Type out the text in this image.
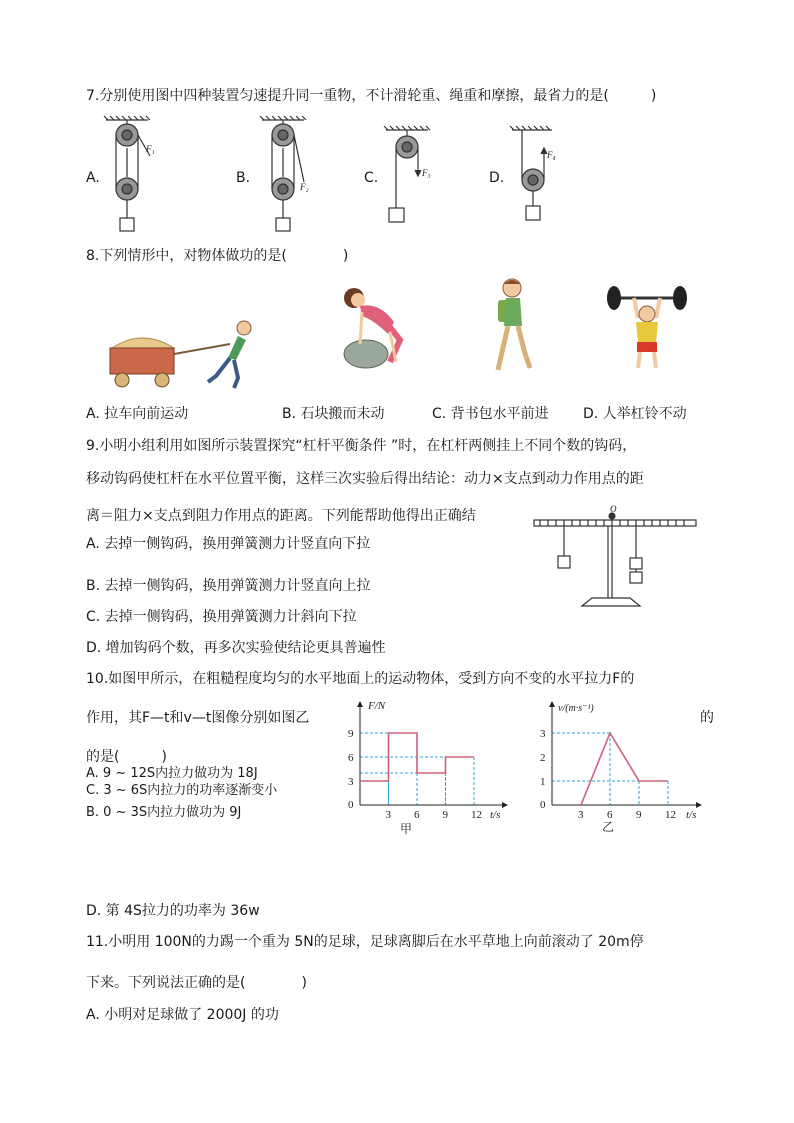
7.分别使用图中四种装置匀速提升同一重物，不计滑轮重、绳重和摩擦，最省力的是(　　　)
A.
F₁
B.
F₂
C.	F₃	D.
F₄
8.下列情形中，对物体做功的是(　　　　)
A. 拉车向前运动	B. 石块搬而未动	C. 背书包水平前进 D. 人举杠铃不动
9.小明小组利用如图所示装置探究“杠杆平衡条件 ”时，在杠杆两侧挂上不同个数的钩码，
移动钩码使杠杆在水平位置平衡，这样三次实验后得出结论：动力×支点到动力作用点的距
离＝阻力×支点到阻力作用点的距离。下列能帮助他得出正确结	O
A. 去掉一侧钩码，换用弹簧测力计竖直向下拉
B. 去掉一侧钩码，换用弹簧测力计竖直向上拉
C. 去掉一侧钩码，换用弹簧测力计斜向下拉
D. 增加钩码个数，再多次实验使结论更具普遍性
10.如图甲所示，在粗糙程度均匀的水平地面上的运动物体，受到方向不变的水平拉力F的
作用，其F—t和v—t图像分别如图乙	的
的是(　　　)
A. 9 ~ 12S内拉力做功为 18J
C. 3 ~ 6S内拉力的功率逐渐变小
B. 0 ~ 3S内拉力做功为 9J
D. 第 4S拉力的功率为 36w
3 6 9 12
3
6
9
F/N
t/s
0
甲
3 6 9 12
1
2
3
v/(m·s⁻¹)
t/s
0
乙
11.小明用 100N的力踢一个重为 5N的足球，足球离脚后在水平草地上向前滚动了 20m停
下来。下列说法正确的是(　　　　)
A. 小明对足球做了 2000J 的功
